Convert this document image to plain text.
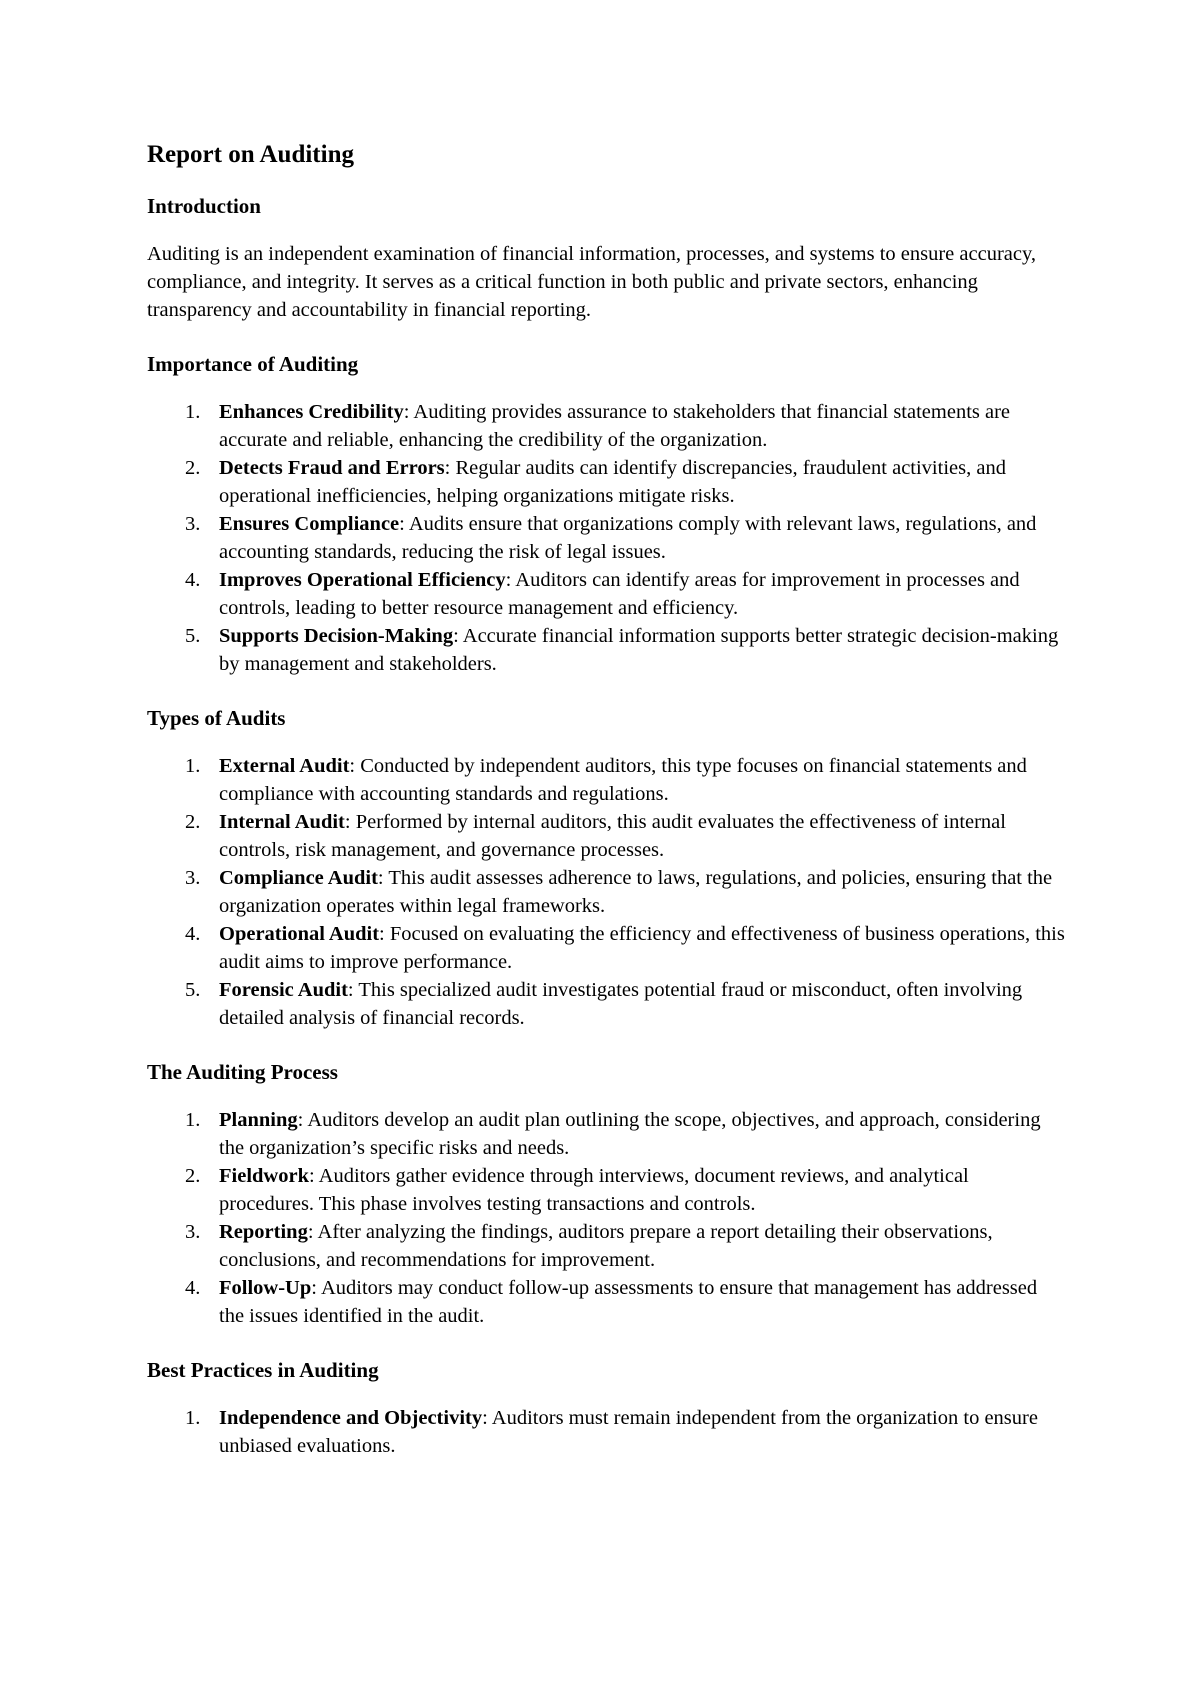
Report on Auditing
Introduction

Auditing is an independent examination of financial information, processes, and systems to ensure accuracy, compliance, and integrity. It serves as a critical function in both public and private sectors, enhancing transparency and accountability in financial reporting.

Importance of Auditing
1. Enhances Credibility: Auditing provides assurance to stakeholders that financial statements are accurate and reliable, enhancing the credibility of the organization.
2. Detects Fraud and Errors: Regular audits can identify discrepancies, fraudulent activities, and operational inefficiencies, helping organizations mitigate risks.
3. Ensures Compliance: Audits ensure that organizations comply with relevant laws, regulations, and accounting standards, reducing the risk of legal issues.
4. Improves Operational Efficiency: Auditors can identify areas for improvement in processes and controls, leading to better resource management and efficiency.
5. Supports Decision-Making: Accurate financial information supports better strategic decision-making by management and stakeholders.
Types of Audits
1. External Audit: Conducted by independent auditors, this type focuses on financial statements and compliance with accounting standards and regulations.
2. Internal Audit: Performed by internal auditors, this audit evaluates the effectiveness of internal controls, risk management, and governance processes.
3. Compliance Audit: This audit assesses adherence to laws, regulations, and policies, ensuring that the organization operates within legal frameworks.
4. Operational Audit: Focused on evaluating the efficiency and effectiveness of business operations, this audit aims to improve performance.
5. Forensic Audit: This specialized audit investigates potential fraud or misconduct, often involving detailed analysis of financial records.
The Auditing Process
1. Planning: Auditors develop an audit plan outlining the scope, objectives, and approach, considering the organization’s specific risks and needs.
2. Fieldwork: Auditors gather evidence through interviews, document reviews, and analytical procedures. This phase involves testing transactions and controls.
3. Reporting: After analyzing the findings, auditors prepare a report detailing their observations, conclusions, and recommendations for improvement.
4. Follow-Up: Auditors may conduct follow-up assessments to ensure that management has addressed the issues identified in the audit.
Best Practices in Auditing
1. Independence and Objectivity: Auditors must remain independent from the organization to ensure unbiased evaluations.
